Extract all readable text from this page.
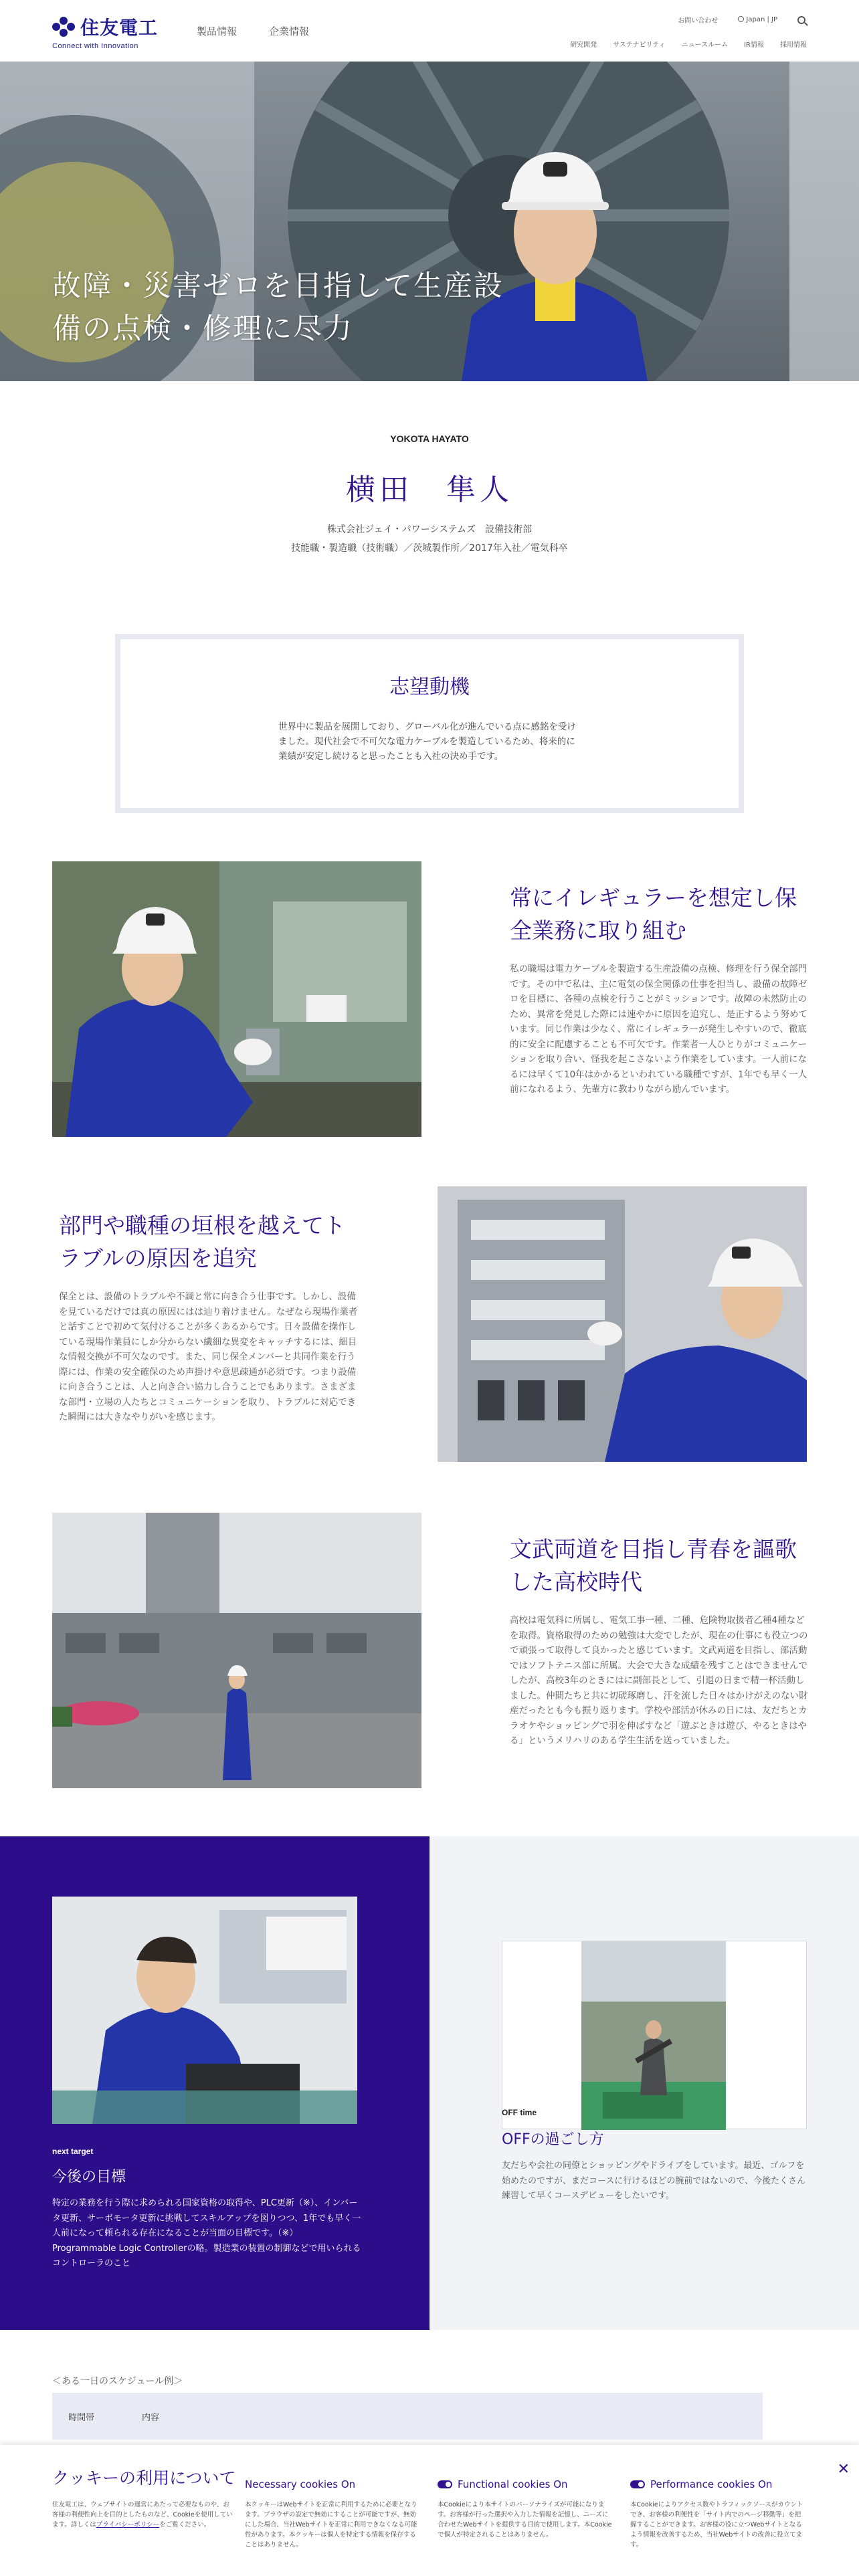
住友電工
Connect with Innovation
製品情報	企業情報
お問い合わせ	Japan | JP
研究開発 サステナビリティ ニュースルーム IR情報 採用情報
故障・災害ゼロを目指して生産設
備の点検・修理に尽力
YOKOTA HAYATO
横田　隼人
株式会社ジェイ・パワーシステムズ　設備技術部
技能職・製造職（技術職）／茨城製作所／2017年入社／電気科卒
志望動機

世界中に製品を展開しており、グローバル化が進んでいる点に感銘を受けました。現代社会で不可欠な電力ケーブルを製造しているため、将来的に業績が安定し続けると思ったことも入社の決め手です。

常にイレギュラーを想定し保全業務に取り組む
私の職場は電力ケーブルを製造する生産設備の点検、修理を行う保全部門です。その中で私は、主に電気の保全関係の仕事を担当し、設備の故障ゼロを目標に、各種の点検を行うことがミッションです。故障の未然防止のため、異常を発見した際には速やかに原因を追究し、是正するよう努めています。同じ作業は少なく、常にイレギュラーが発生しやすいので、徹底的に安全に配慮することも不可欠です。作業者一人ひとりがコミュニケーションを取り合い、怪我を起こさないよう作業をしています。一人前になるには早くて10年はかかるといわれている職種ですが、1年でも早く一人前になれるよう、先輩方に教わりながら励んでいます。
部門や職種の垣根を越えてトラブルの原因を追究
保全とは、設備のトラブルや不調と常に向き合う仕事です。しかし、設備を見ているだけでは真の原因にはは辿り着けません。なぜなら現場作業者と話すことで初めて気付けることが多くあるからです。日々設備を操作している現場作業員にしか分からない繊細な異変をキャッチするには、細目な情報交換が不可欠なのです。また、同じ保全メンバーと共同作業を行う際には、作業の安全確保のため声掛けや意思疎通が必須です。つまり設備に向き合うことは、人と向き合い協力し合うことでもあります。さまざまな部門・立場の人たちとコミュニケーションを取り、トラブルに対応できた瞬間には大きなやりがいを感じます。
文武両道を目指し青春を謳歌した高校時代
高校は電気科に所属し、電気工事一種、二種、危険物取扱者乙種4種などを取得。資格取得のための勉強は大変でしたが、現在の仕事にも役立つので頑張って取得して良かったと感じています。文武両道を目指し、部活動ではソフトテニス部に所属。大会で大きな成績を残すことはできませんでしたが、高校3年のときにはに副部長として、引退の日まで精一杯活動しました。仲間たちと共に切磋琢磨し、汗を流した日々はかけがえのない財産だったとも今も振り返ります。学校や部活が休みの日には、友だちとカラオケやショッピングで羽を伸ばすなど「遊ぶときは遊び、やるときはやる」というメリハリのある学生生活を送っていました。
next target
今後の目標
特定の業務を行う際に求められる国家資格の取得や、PLC更新（※）、インバータ更新、サーボモータ更新に挑戦してスキルアップを図りつつ、1年でも早く一人前になって頼られる存在になることが当面の目標です。（※）Programmable Logic Controllerの略。製造業の装置の制御などで用いられるコントローラのこと
OFF time
OFFの過ごし方
友だちや会社の同僚とショッピングやドライブをしています。最近、ゴルフを始めたのですが、まだコースに行けるほどの腕前ではないので、今後たくさん練習して早くコースデビューをしたいです。
＜ある一日のスケジュール例＞
時間帯	内容
クッキーの利用について
住友電工は、ウェブサイトの運営にあたって必要なものや、お客様の利便性向上を目的としたものなど、Cookieを使用しています。詳しくはプライバシーポリシーをご覧ください。
Necessary cookies On
本クッキーはWebサイトを正常に利用するために必要となります。ブラウザの設定で無効にすることが可能ですが、無効にした場合、当社Webサイトを正常に利用できなくなる可能性があります。本クッキーは個人を特定する情報を保存することはありません。
Functional cookies On
本Cookieにより本サイトのパーソナライズが可能になります。お客様が行った選択や入力した情報を記憶し、ニーズに合わせたWebサイトを提供する目的で使用します。本Cookieで個人が特定されることはありません。
Performance cookies On
本Cookieによりアクセス数やトラフィックソースがカウントでき、お客様の利便性を「サイト内でのページ移動等」を把握することができます。お客様の役に立つWebサイトとなるよう情報を改善するため、当社Webサイトの改善に役立てます。
✕
